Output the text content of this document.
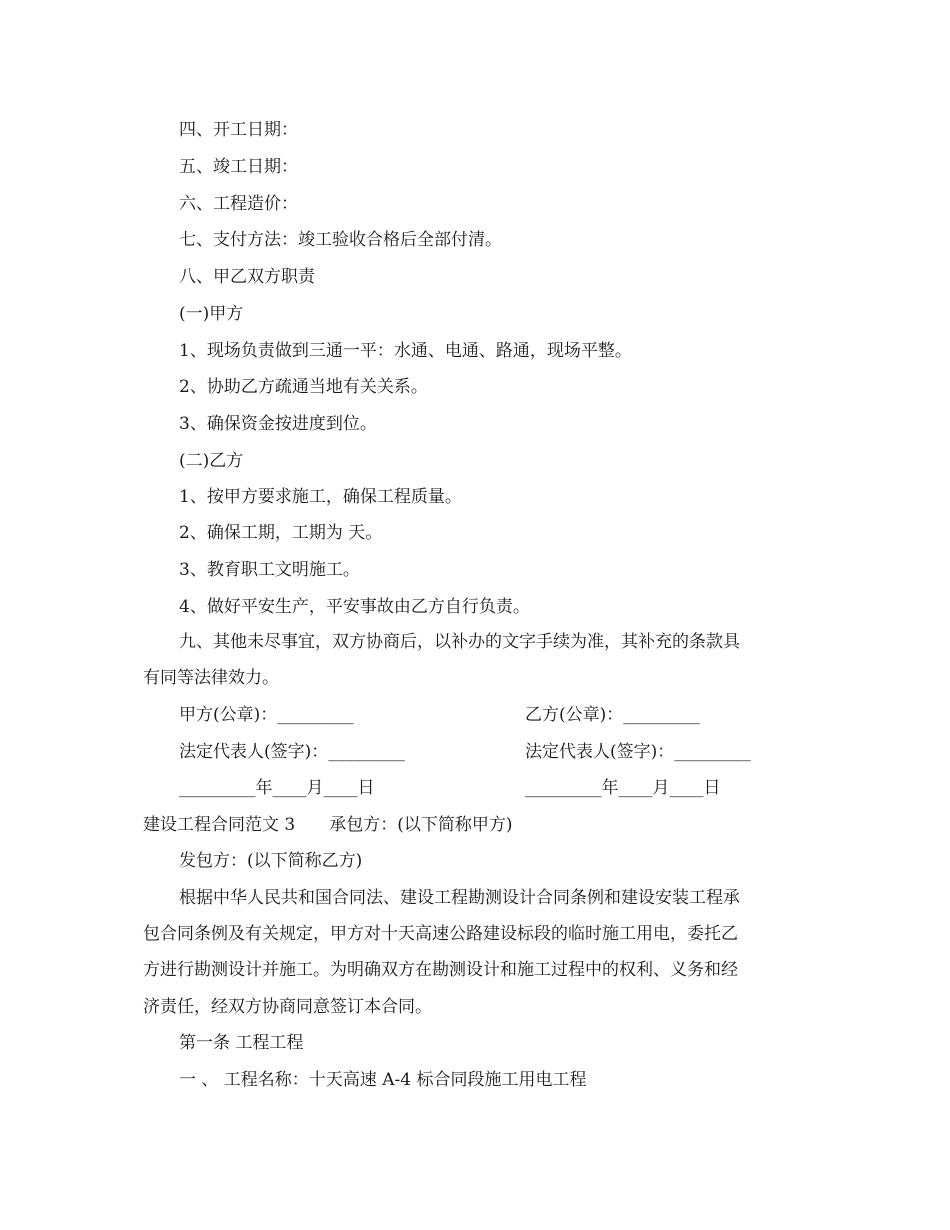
四、开工日期：

五、竣工日期：

六、工程造价：

七、支付方法：竣工验收合格后全部付清。

八、甲乙双方职责

(一)甲方

1、现场负责做到三通一平：水通、电通、路通，现场平整。

2、协助乙方疏通当地有关关系。

3、确保资金按进度到位。

(二)乙方

1、按甲方要求施工，确保工程质量。

2、确保工期，工期为 天。

3、教育职工文明施工。

4、做好平安生产，平安事故由乙方自行负责。

九、其他未尽事宜，双方协商后，以补办的文字手续为准，其补充的条款具

有同等法律效力。

甲方(公章)：_________	乙方(公章)：_________
法定代表人(签字)：_________	法定代表人(签字)：_________
_________年____月____日	_________年____月____日

建设工程合同范文 3　　承包方：(以下简称甲方)

发包方：(以下简称乙方)

根据中华人民共和国合同法、建设工程勘测设计合同条例和建设安装工程承

包合同条例及有关规定，甲方对十天高速公路建设标段的临时施工用电，委托乙

方进行勘测设计并施工。为明确双方在勘测设计和施工过程中的权利、义务和经

济责任，经双方协商同意签订本合同。

第一条 工程工程

一 、 工程名称：十天高速 A-4 标合同段施工用电工程
